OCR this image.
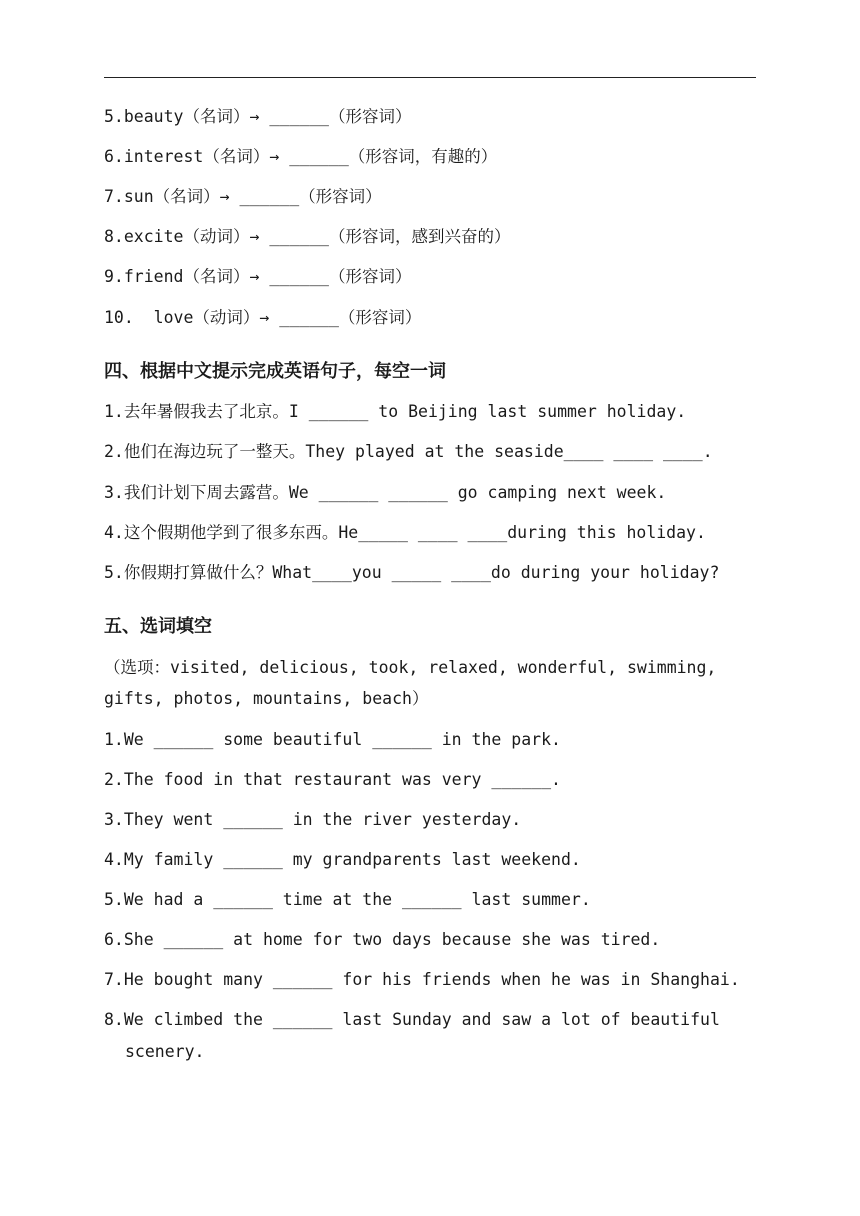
5.beauty（名词）→ ______（形容词）
6.interest（名词）→ ______（形容词，有趣的）
7.sun（名词）→ ______（形容词）
8.excite（动词）→ ______（形容词，感到兴奋的）
9.friend（名词）→ ______（形容词）
10.  love（动词）→ ______（形容词）
四、根据中文提示完成英语句子，每空一词
1.去年暑假我去了北京。I ______ to Beijing last summer holiday.
2.他们在海边玩了一整天。They played at the seaside____ ____ ____.
3.我们计划下周去露营。We ______ ______ go camping next week.
4.这个假期他学到了很多东西。He_____ ____ ____during this holiday.
5.你假期打算做什么？What____you _____ ____do during your holiday?
五、选词填空
（选项：visited, delicious, took, relaxed, wonderful, swimming,
gifts, photos, mountains, beach）
1.We ______ some beautiful ______ in the park.
2.The food in that restaurant was very ______.
3.They went ______ in the river yesterday.
4.My family ______ my grandparents last weekend.
5.We had a ______ time at the ______ last summer.
6.She ______ at home for two days because she was tired.
7.He bought many ______ for his friends when he was in Shanghai.
8.We climbed the ______ last Sunday and saw a lot of beautiful
scenery.
